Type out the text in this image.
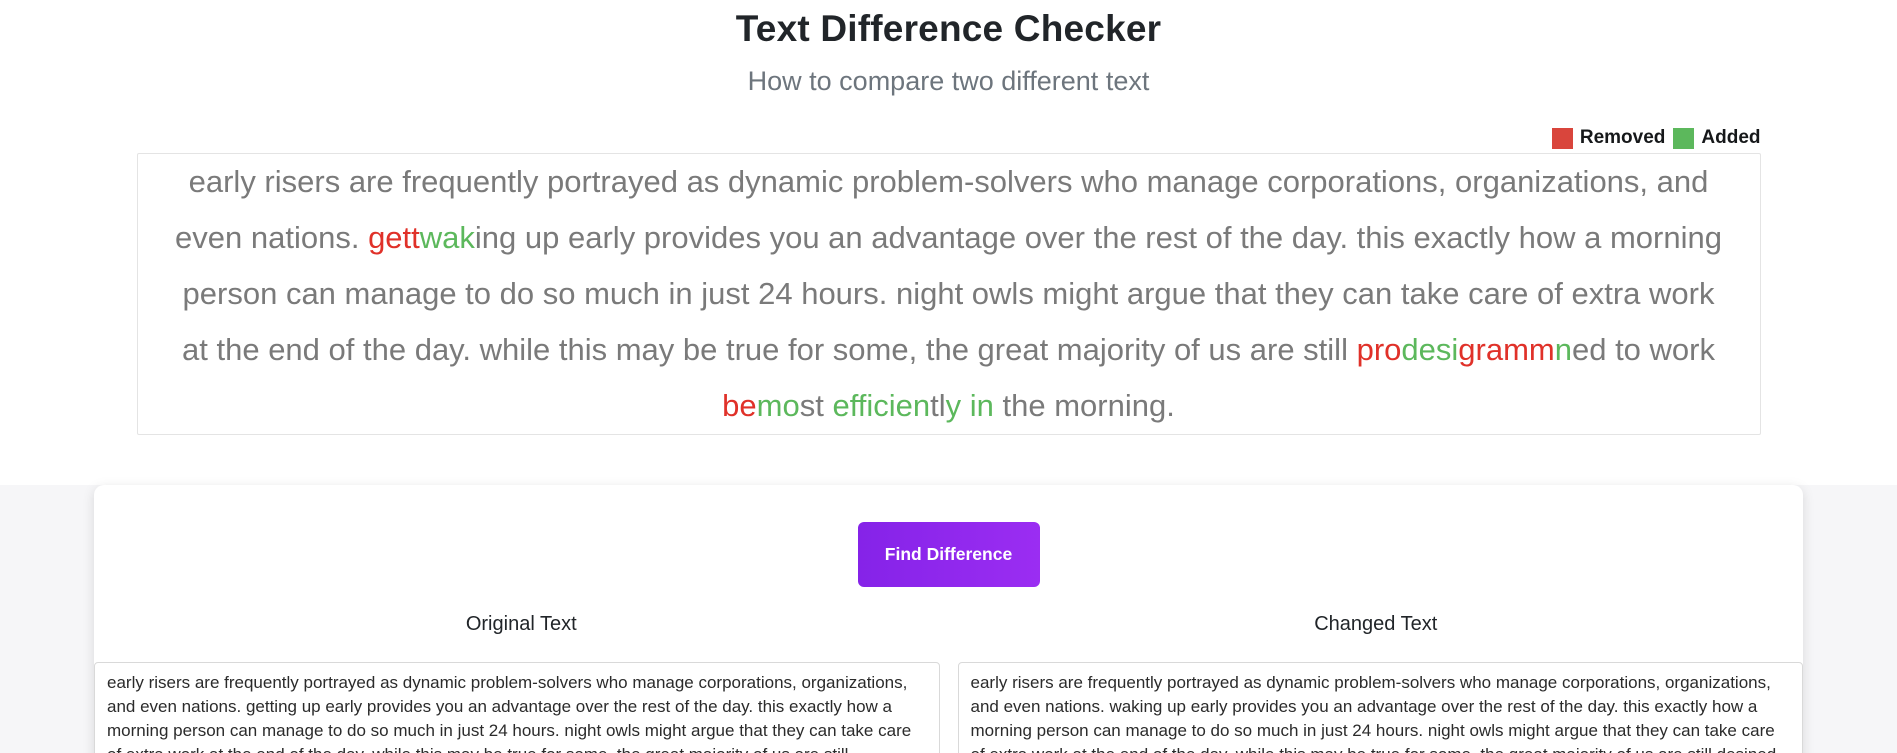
Text Difference Checker
How to compare two different text
Removed Added
early risers are frequently portrayed as dynamic problem-solvers who manage corporations, organizations, and even nations. gettwaking up early provides you an advantage over the rest of the day. this exactly how a morning person can manage to do so much in just 24 hours. night owls might argue that they can take care of extra work at the end of the day. while this may be true for some, the great majority of us are still prodesigrammned to work bemost efficiently in the morning.
Find Difference
Original Text	Changed Text
early risers are frequently portrayed as dynamic problem-solvers who manage corporations, organizations, and even nations. getting up early provides you an advantage over the rest of the day. this exactly how a morning person can manage to do so much in just 24 hours. night owls might argue that they can take care of extra work at the end of the day. while this may be true for some, the great majority of us are still programmed to work best the morning.
early risers are frequently portrayed as dynamic problem-solvers who manage corporations, organizations, and even nations. waking up early provides you an advantage over the rest of the day. this exactly how a morning person can manage to do so much in just 24 hours. night owls might argue that they can take care of extra work at the end of the day. while this may be true for some, the great majority of us are still desined to work most efficiently in the morning.
